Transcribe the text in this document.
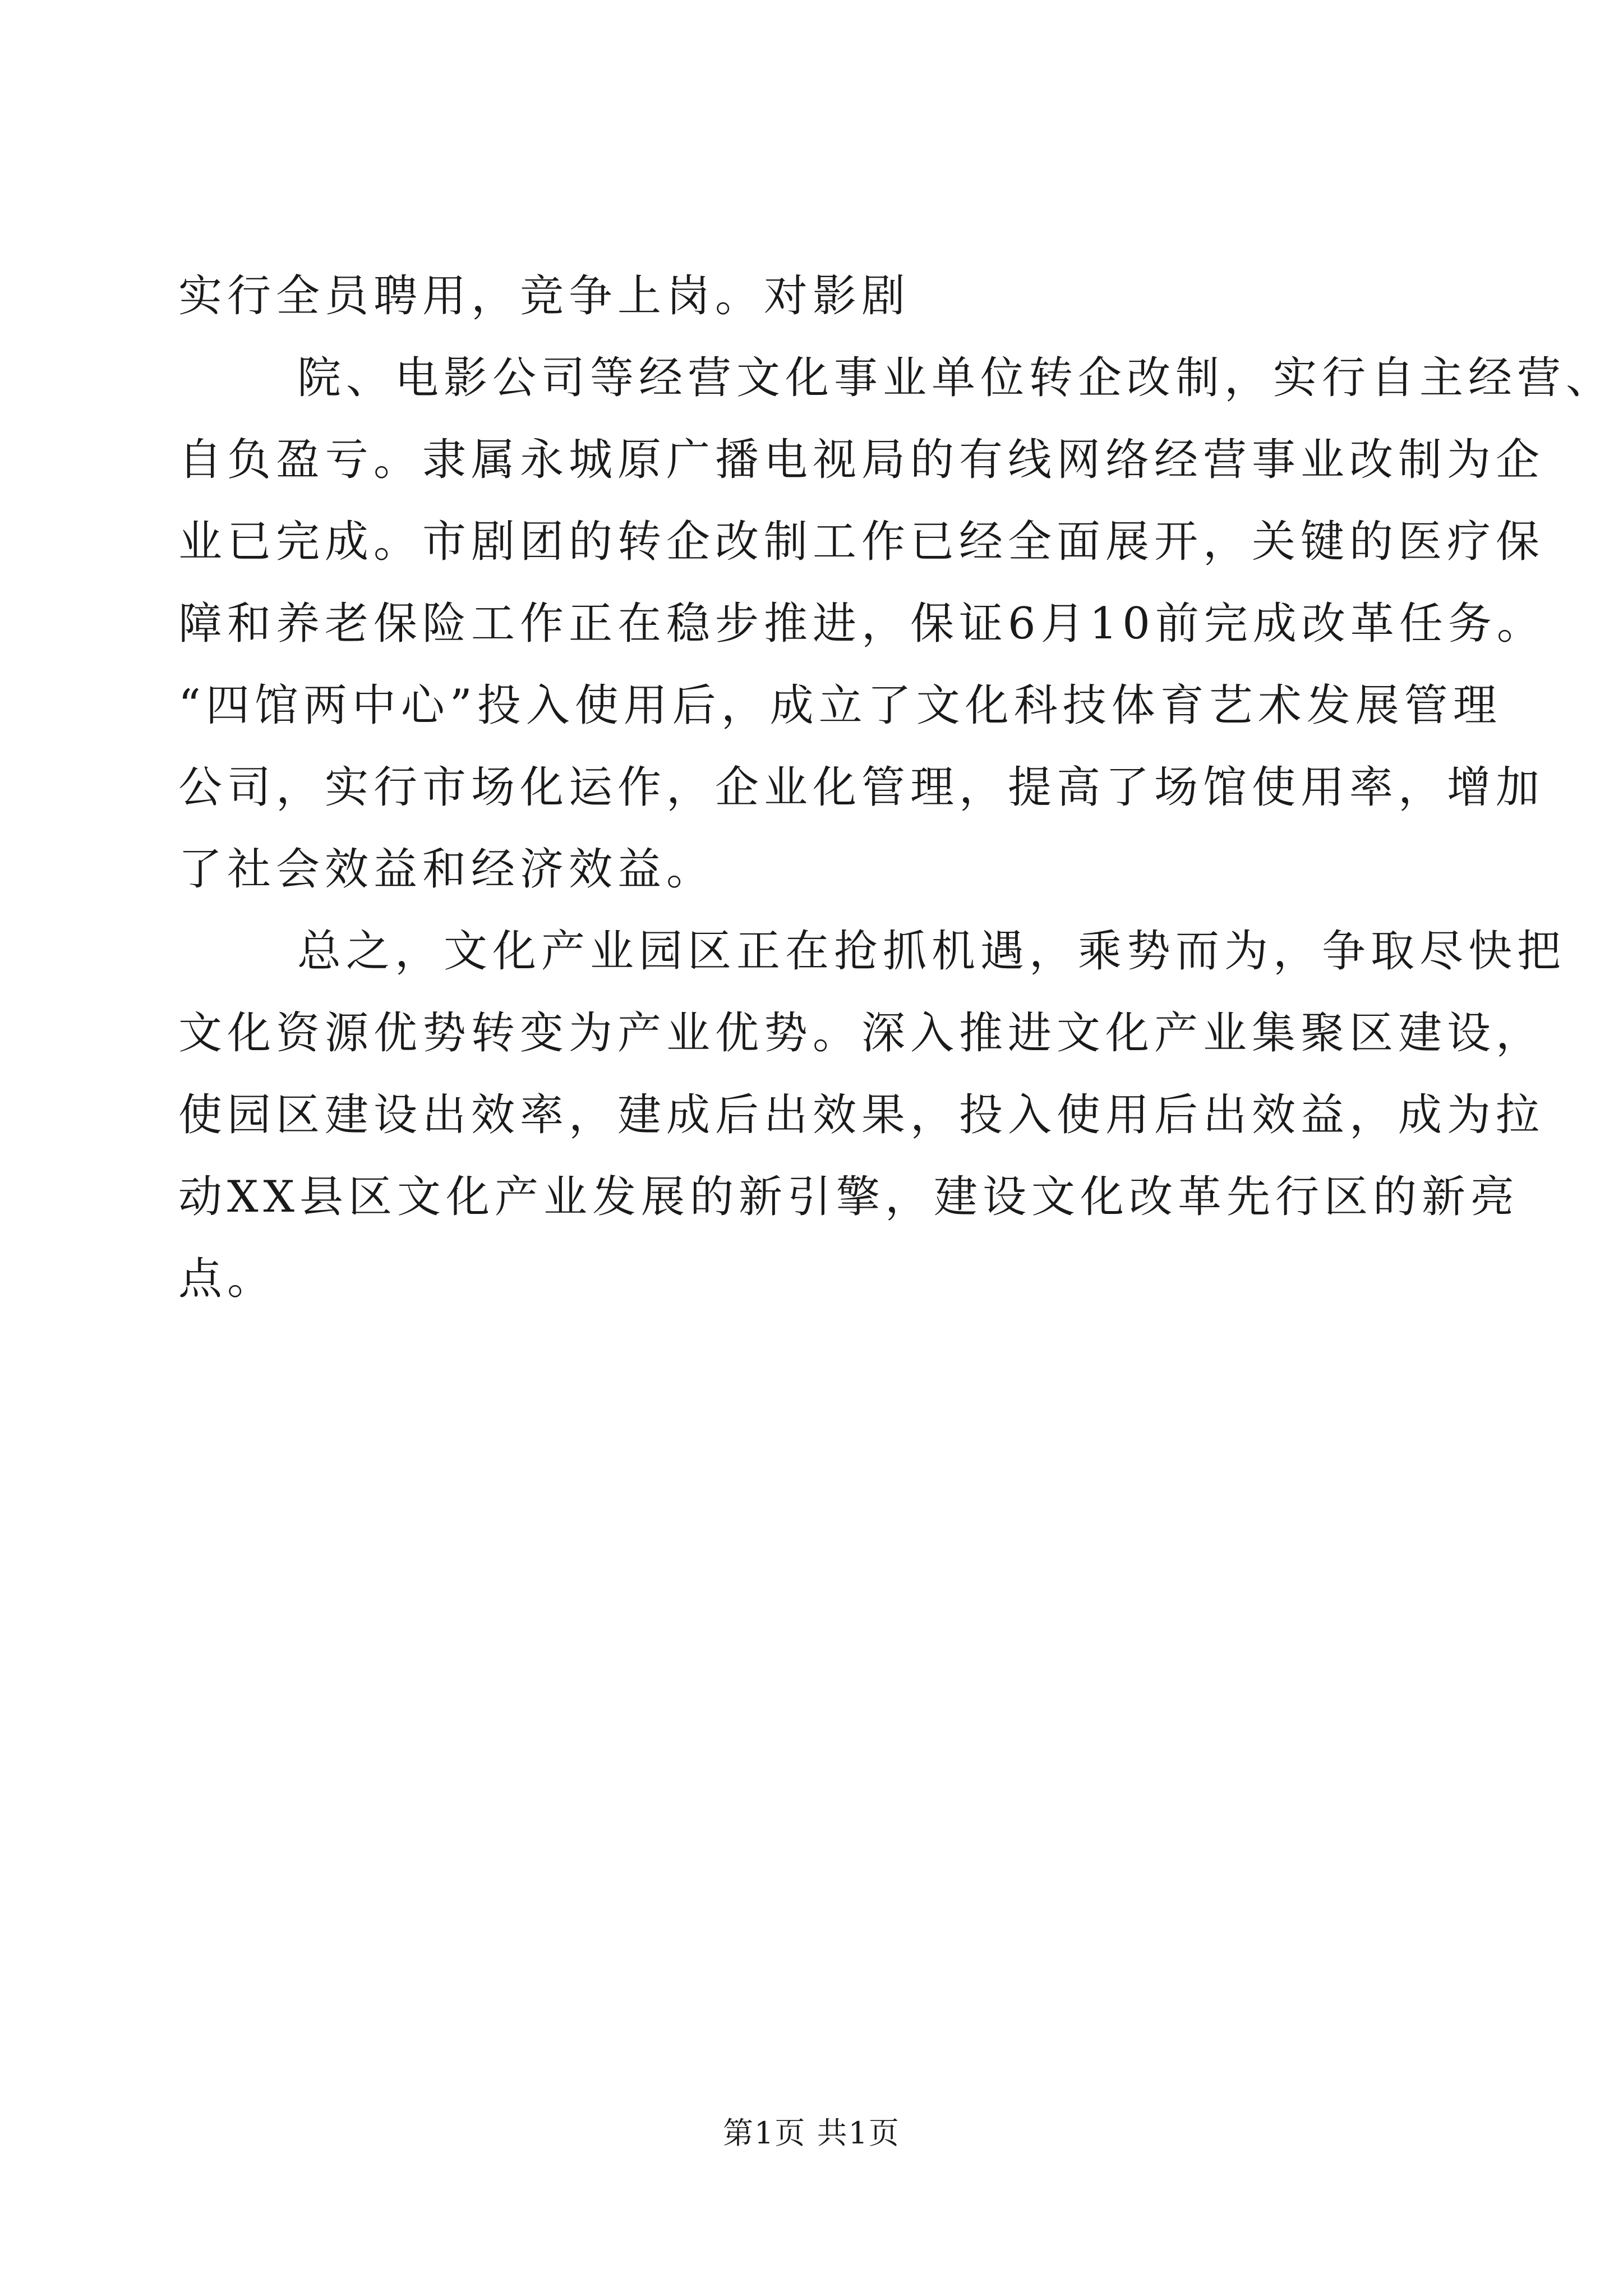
实行全员聘用，竞争上岗。对影剧
院、电影公司等经营文化事业单位转企改制，实行自主经营、
自负盈亏。隶属永城原广播电视局的有线网络经营事业改制为企
业已完成。市剧团的转企改制工作已经全面展开，关键的医疗保
障和养老保险工作正在稳步推进，保证6月10前完成改革任务。
“四馆两中心”投入使用后，成立了文化科技体育艺术发展管理
公司，实行市场化运作，企业化管理，提高了场馆使用率，增加
了社会效益和经济效益。
总之，文化产业园区正在抢抓机遇，乘势而为，争取尽快把
文化资源优势转变为产业优势。深入推进文化产业集聚区建设，
使园区建设出效率，建成后出效果，投入使用后出效益，成为拉
动XX县区文化产业发展的新引擎，建设文化改革先行区的新亮
点。
第1页 共1页
